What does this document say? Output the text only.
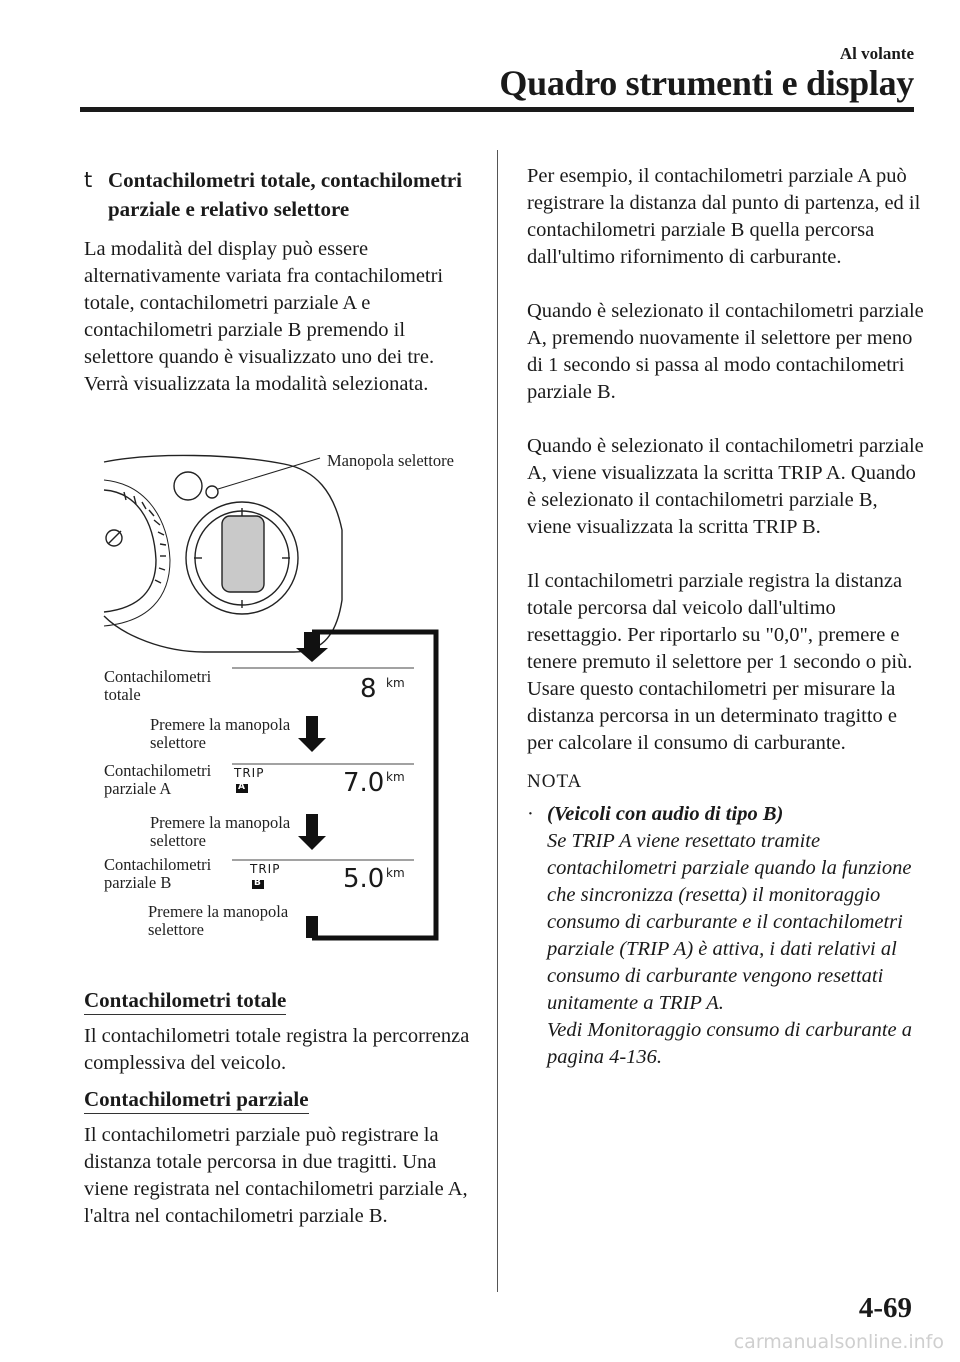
Al volante
Quadro strumenti e display
t Contachilometri totale, contachilometri parziale e relativo selettore

La modalità del display può essere alternativamente variata fra contachilometri totale, contachilometri parziale A e contachilometri parziale B premendo il selettore quando è visualizzato uno dei tre. Verrà visualizzata la modalità selezionata.

Manopola selettore
Contachilometri totale
Premere la manopola selettore
Contachilometri parziale A
Premere la manopola selettore
Contachilometri parziale B
Premere la manopola selettore
TRIP
A
TRIP
B
8
7.0
5.0
km
km
km
Contachilometri totale

Il contachilometri totale registra la percorrenza complessiva del veicolo.

Contachilometri parziale

Il contachilometri parziale può registrare la distanza totale percorsa in due tragitti. Una viene registrata nel contachilometri parziale A, l'altra nel contachilometri parziale B.

Per esempio, il contachilometri parziale A può registrare la distanza dal punto di partenza, ed il contachilometri parziale B quella percorsa dall'ultimo rifornimento di carburante.

Quando è selezionato il contachilometri parziale A, premendo nuovamente il selettore per meno di 1 secondo si passa al modo contachilometri parziale B.

Quando è selezionato il contachilometri parziale A, viene visualizzata la scritta TRIP A. Quando è selezionato il contachilometri parziale B, viene visualizzata la scritta TRIP B.

Il contachilometri parziale registra la distanza totale percorsa dal veicolo dall'ultimo resettaggio. Per riportarlo su "0,0", premere e tenere premuto il selettore per 1 secondo o più. Usare questo contachilometri per misurare la distanza percorsa in un determinato tragitto e per calcolare il consumo di carburante.

NOTA
· (Veicoli con audio di tipo B)
Se TRIP A viene resettato tramite contachilometri parziale quando la funzione che sincronizza (resetta) il monitoraggio consumo di carburante e il contachilometri parziale (TRIP A) è attiva, i dati relativi al consumo di carburante vengono resettati unitamente a TRIP A.
Vedi Monitoraggio consumo di carburante a pagina 4-136.
4-69
carmanualsonline.info
